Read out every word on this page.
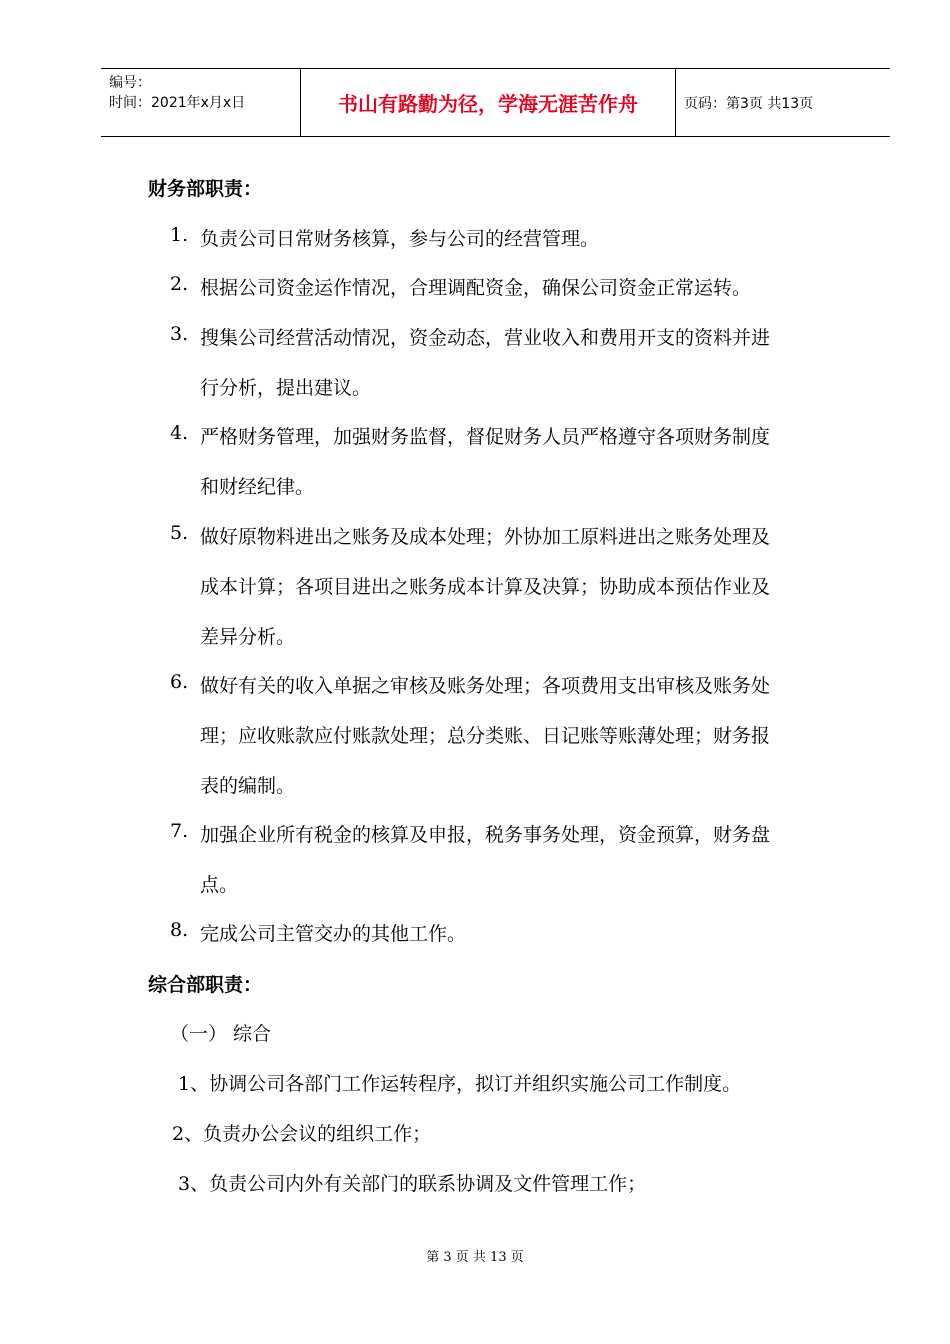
编号：
时间：2021年x月x日	书山有路勤为径，学海无涯苦作舟	页码：第3页 共13页
财务部职责：
1. 负责公司日常财务核算，参与公司的经营管理。
2. 根据公司资金运作情况，合理调配资金，确保公司资金正常运转。
3. 搜集公司经营活动情况，资金动态，营业收入和费用开支的资料并进
行分析，提出建议。
4. 严格财务管理，加强财务监督，督促财务人员严格遵守各项财务制度
和财经纪律。
5. 做好原物料进出之账务及成本处理；外协加工原料进出之账务处理及
成本计算；各项目进出之账务成本计算及决算；协助成本预估作业及
差异分析。
6. 做好有关的收入单据之审核及账务处理；各项费用支出审核及账务处
理；应收账款应付账款处理；总分类账、日记账等账薄处理；财务报
表的编制。
7. 加强企业所有税金的核算及申报，税务事务处理，资金预算，财务盘
点。
8. 完成公司主管交办的其他工作。
综合部职责：
（一） 综合
1、协调公司各部门工作运转程序，拟订并组织实施公司工作制度。
2、负责办公会议的组织工作；
3、负责公司内外有关部门的联系协调及文件管理工作；
第 3 页 共 13 页
